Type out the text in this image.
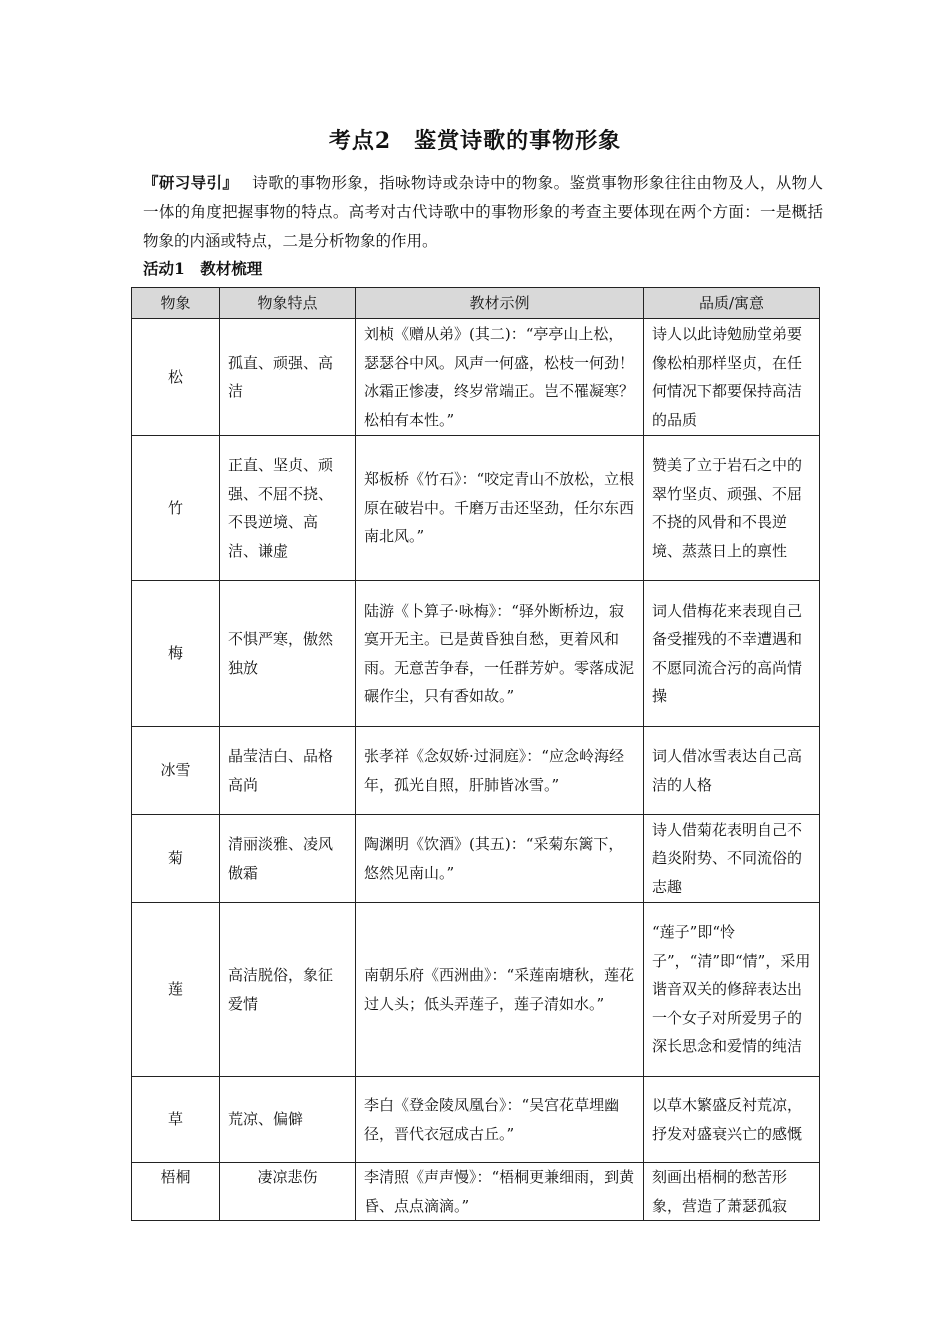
考点2　鉴赏诗歌的事物形象
『研习导引』 诗歌的事物形象，指咏物诗或杂诗中的物象。鉴赏事物形象往往由物及人，从物人一体的角度把握事物的特点。高考对古代诗歌中的事物形象的考查主要体现在两个方面：一是概括物象的内涵或特点，二是分析物象的作用。
活动1　教材梳理
物象	物象特点	教材示例	品质/寓意
松	孤直、顽强、高洁	刘桢《赠从弟》(其二)：“亭亭山上松，瑟瑟谷中风。风声一何盛，松枝一何劲！冰霜正惨凄，终岁常端正。岂不罹凝寒？松柏有本性。”	诗人以此诗勉励堂弟要像松柏那样坚贞，在任何情况下都要保持高洁的品质
竹	正直、坚贞、顽强、不屈不挠、不畏逆境、高洁、谦虚	郑板桥《竹石》：“咬定青山不放松，立根原在破岩中。千磨万击还坚劲，任尔东西南北风。”	赞美了立于岩石之中的翠竹坚贞、顽强、不屈不挠的风骨和不畏逆境、蒸蒸日上的禀性
梅	不惧严寒，傲然独放	陆游《卜算子·咏梅》：“驿外断桥边，寂寞开无主。已是黄昏独自愁，更着风和雨。无意苦争春，一任群芳妒。零落成泥碾作尘，只有香如故。”	词人借梅花来表现自己备受摧残的不幸遭遇和不愿同流合污的高尚情操
冰雪	晶莹洁白、品格高尚	张孝祥《念奴娇·过洞庭》：“应念岭海经年，孤光自照，肝肺皆冰雪。”	词人借冰雪表达自己高洁的人格
菊	清丽淡雅、凌风傲霜	陶渊明《饮酒》(其五)：“采菊东篱下，悠然见南山。”	诗人借菊花表明自己不趋炎附势、不同流俗的志趣
莲	高洁脱俗，象征爱情	南朝乐府《西洲曲》：“采莲南塘秋，莲花过人头；低头弄莲子，莲子清如水。”	“莲子”即“怜子”，“清”即“情”，采用谐音双关的修辞表达出一个女子对所爱男子的深长思念和爱情的纯洁
草	荒凉、偏僻	李白《登金陵凤凰台》：“吴宫花草埋幽径，晋代衣冠成古丘。”	以草木繁盛反衬荒凉，抒发对盛衰兴亡的感慨
梧桐	凄凉悲伤	李清照《声声慢》：“梧桐更兼细雨，到黄昏、点点滴滴。”	刻画出梧桐的愁苦形象，营造了萧瑟孤寂
